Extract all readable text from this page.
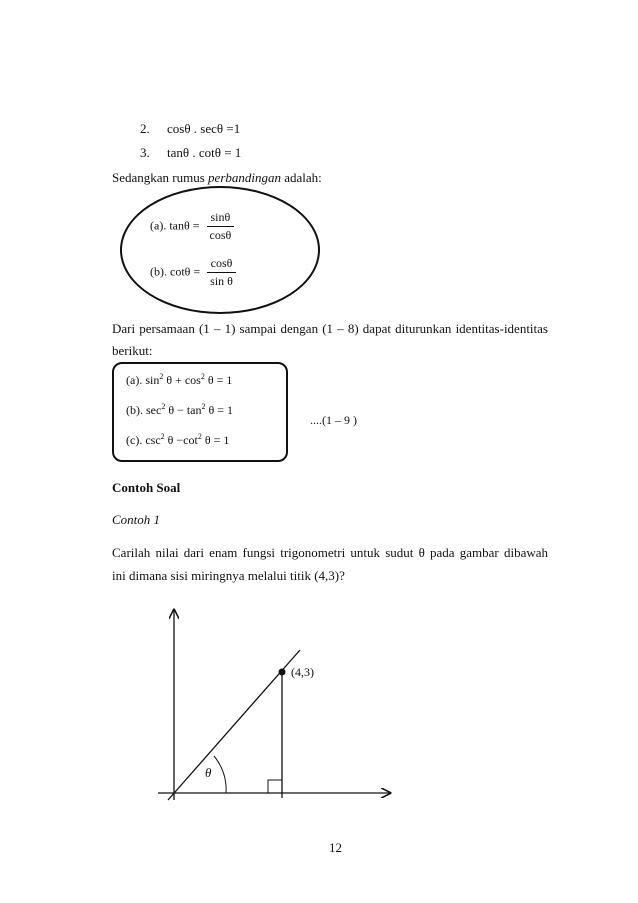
2. cosθ . secθ =1
3. tanθ . cotθ = 1
Sedangkan rumus perbandingan adalah:
(a). $\tan\theta = \frac{\sin\theta}{\cos\theta}$
(b). $\cot\theta = \frac{\cos\theta}{\text{sin θ}}$
Dari persamaan (1 – 1) sampai dengan (1 – 8) dapat diturunkan identitas-identitas
berikut:
(a). $\sin^2 \theta + \cos^2 \theta = 1$
(b). $\sec^2 \theta - \tan^2 \theta = 1$
(c). $\csc^2 \theta -\cot^2$ θ = 1
....(1 – 9 )
Contoh Soal
Contoh 1
Carilah nilai dari enam fungsi trigonometri untuk sudut θ pada gambar dibawah
ini dimana sisi miringnya melalui titik (4,3)?
(4,3)
θ
12
